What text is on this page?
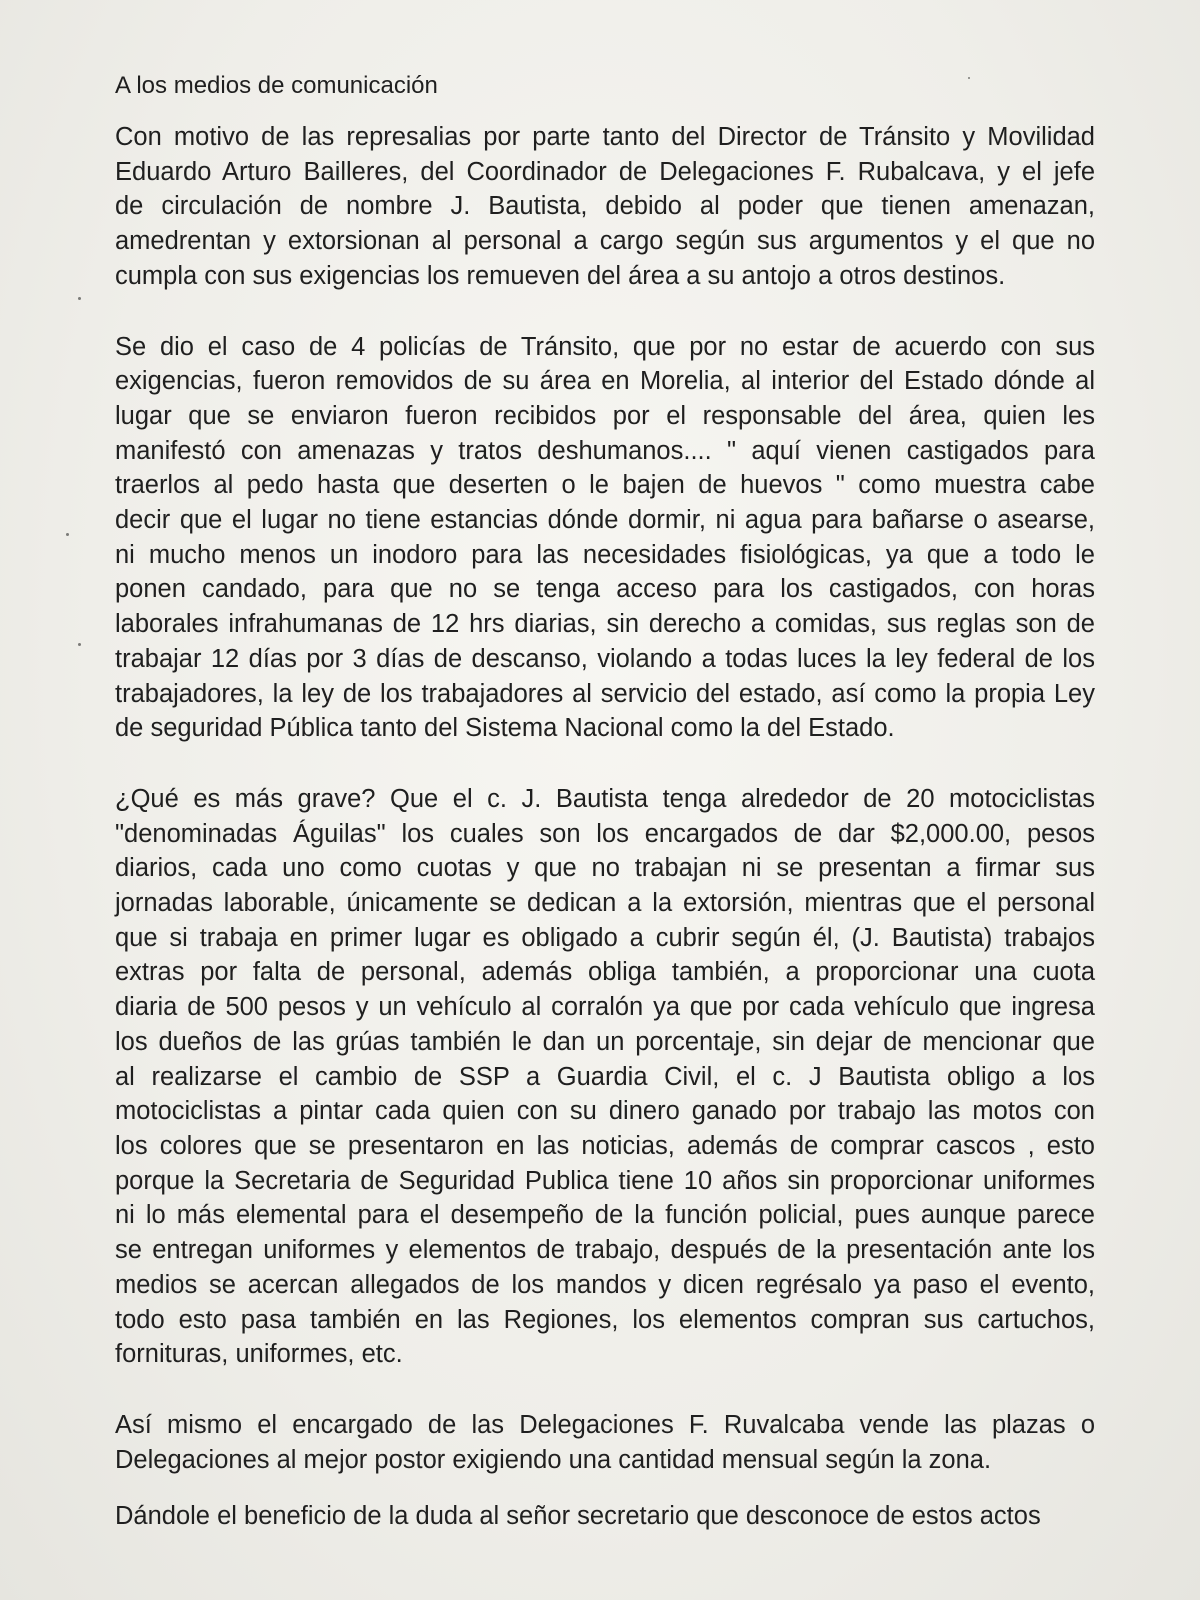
A los medios de comunicación
Con motivo de las represalias por parte tanto del Director de Tránsito y Movilidad
Eduardo Arturo Bailleres, del Coordinador de Delegaciones F. Rubalcava, y el jefe
de circulación de nombre J. Bautista, debido al poder que tienen amenazan,
amedrentan y extorsionan al personal a cargo según sus argumentos y el que no
cumpla con sus exigencias los remueven del área a su antojo a otros destinos.
Se dio el caso de 4 policías de Tránsito, que por no estar de acuerdo con sus
exigencias, fueron removidos de su área en Morelia, al interior del Estado dónde al
lugar que se enviaron fueron recibidos por el responsable del área, quien les
manifestó con amenazas y tratos deshumanos.... " aquí vienen castigados para
traerlos al pedo hasta que deserten o le bajen de huevos " como muestra cabe
decir que el lugar no tiene estancias dónde dormir, ni agua para bañarse o asearse,
ni mucho menos un inodoro para las necesidades fisiológicas, ya que a todo le
ponen candado, para que no se tenga acceso para los castigados, con horas
laborales infrahumanas de 12 hrs diarias, sin derecho a comidas, sus reglas son de
trabajar 12 días por 3 días de descanso, violando a todas luces la ley federal de los
trabajadores, la ley de los trabajadores al servicio del estado, así como la propia Ley
de seguridad Pública tanto del Sistema Nacional como la del Estado.
¿Qué es más grave? Que el c. J. Bautista tenga alrededor de 20 motociclistas
"denominadas Águilas" los cuales son los encargados de dar $2,000.00, pesos
diarios, cada uno como cuotas y que no trabajan ni se presentan a firmar sus
jornadas laborable, únicamente se dedican a la extorsión, mientras que el personal
que si trabaja en primer lugar es obligado a cubrir según él, (J. Bautista) trabajos
extras por falta de personal, además obliga también, a proporcionar una cuota
diaria de 500 pesos y un vehículo al corralón ya que por cada vehículo que ingresa
los dueños de las grúas también le dan un porcentaje, sin dejar de mencionar que
al realizarse el cambio de SSP a Guardia Civil, el c. J Bautista obligo a los
motociclistas a pintar cada quien con su dinero ganado por trabajo las motos con
los colores que se presentaron en las noticias, además de comprar cascos , esto
porque la Secretaria de Seguridad Publica tiene 10 años sin proporcionar uniformes
ni lo más elemental para el desempeño de la función policial, pues aunque parece
se entregan uniformes y elementos de trabajo, después de la presentación ante los
medios se acercan allegados de los mandos y dicen regrésalo ya paso el evento,
todo esto pasa también en las Regiones, los elementos compran sus cartuchos,
fornituras, uniformes, etc.
Así mismo el encargado de las Delegaciones F. Ruvalcaba vende las plazas o
Delegaciones al mejor postor exigiendo una cantidad mensual según la zona.
Dándole el beneficio de la duda al señor secretario que desconoce de estos actos
